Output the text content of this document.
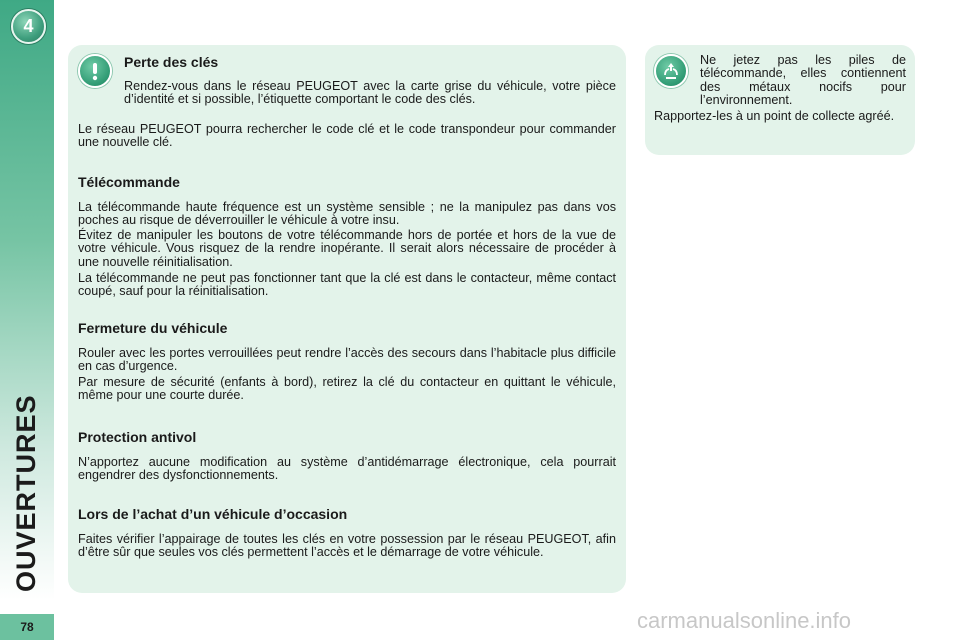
4
OUVERTURES
78
Perte des clés
Rendez-vous dans le réseau PEUGEOT avec la carte grise du véhicule, votre pièce d’identité et si possible, l’étiquette comportant le code des clés.
Le réseau PEUGEOT pourra rechercher le code clé et le code transpondeur pour commander une nouvelle clé.
Télécommande
La télécommande haute fréquence est un système sensible ; ne la manipulez pas dans vos poches au risque de déverrouiller le véhicule à votre insu.
Évitez de manipuler les boutons de votre télécommande hors de portée et hors de la vue de votre véhicule. Vous risquez de la rendre inopérante. Il serait alors nécessaire de procéder à une nouvelle réinitialisation.
La télécommande ne peut pas fonctionner tant que la clé est dans le contacteur, même contact coupé, sauf pour la réinitialisation.
Fermeture du véhicule
Rouler avec les portes verrouillées peut rendre l’accès des secours dans l’habitacle plus difficile en cas d’urgence.
Par mesure de sécurité (enfants à bord), retirez la clé du contacteur en quittant le véhicule, même pour une courte durée.
Protection antivol
N’apportez aucune modification au système d’antidémarrage électronique, cela pourrait engendrer des dysfonctionnements.
Lors de l’achat d’un véhicule d’occasion
Faites vérifier l’appairage de toutes les clés en votre possession par le réseau PEUGEOT, afin d’être sûr que seules vos clés permettent l’accès et le démarrage de votre véhicule.
Ne jetez pas les piles de télécommande, elles contiennent des métaux nocifs pour l’environnement.
Rapportez-les à un point de collecte agréé.
carmanualsonline.info
